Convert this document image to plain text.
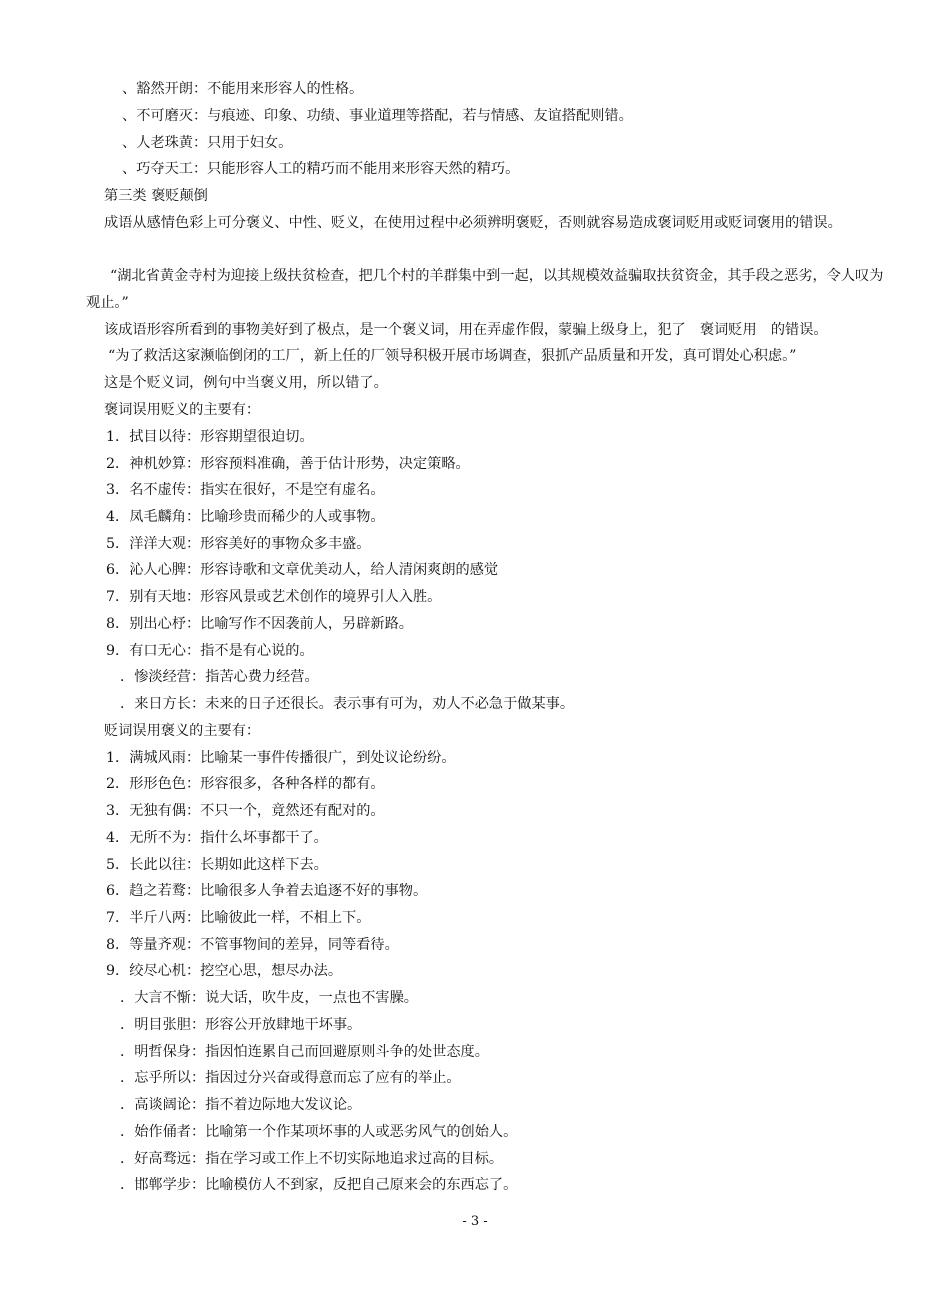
、豁然开朗：不能用来形容人的性格。
、不可磨灭：与痕迹、印象、功绩、事业道理等搭配，若与情感、友谊搭配则错。
、人老珠黄：只用于妇女。
、巧夺天工：只能形容人工的精巧而不能用来形容天然的精巧。
第三类 褒贬颠倒
成语从感情色彩上可分褒义、中性、贬义，在使用过程中必须辨明褒贬，否则就容易造成褒词贬用或贬词褒用的错误。
“湖北省黄金寺村为迎接上级扶贫检查，把几个村的羊群集中到一起，以其规模效益骗取扶贫资金，其手段之恶劣，令人叹为观止。”
该成语形容所看到的事物美好到了极点，是一个褒义词，用在弄虚作假，蒙骗上级身上，犯了　褒词贬用　的错误。
“为了救活这家濒临倒闭的工厂，新上任的厂领导积极开展市场调查，狠抓产品质量和开发，真可谓处心积虑。”
这是个贬义词，例句中当褒义用，所以错了。
褒词误用贬义的主要有：
1．拭目以待：形容期望很迫切。
2．神机妙算：形容预料准确，善于估计形势，决定策略。
3．名不虚传：指实在很好，不是空有虚名。
4．凤毛麟角：比喻珍贵而稀少的人或事物。
5．洋洋大观：形容美好的事物众多丰盛。
6．沁人心脾：形容诗歌和文章优美动人，给人清闲爽朗的感觉
7．别有天地：形容风景或艺术创作的境界引人入胜。
8．别出心杼：比喻写作不因袭前人，另辟新路。
9．有口无心：指不是有心说的。
．惨淡经营：指苦心费力经营。
．来日方长：未来的日子还很长。表示事有可为，劝人不必急于做某事。
贬词误用褒义的主要有：
1．满城风雨：比喻某一事件传播很广，到处议论纷纷。
2．形形色色：形容很多，各种各样的都有。
3．无独有偶：不只一个，竟然还有配对的。
4．无所不为：指什么坏事都干了。
5．长此以往：长期如此这样下去。
6．趋之若鹜：比喻很多人争着去追逐不好的事物。
7．半斤八两：比喻彼此一样，不相上下。
8．等量齐观：不管事物间的差异，同等看待。
9．绞尽心机：挖空心思，想尽办法。
．大言不惭：说大话，吹牛皮，一点也不害臊。
．明目张胆：形容公开放肆地干坏事。
．明哲保身：指因怕连累自己而回避原则斗争的处世态度。
．忘乎所以：指因过分兴奋或得意而忘了应有的举止。
．高谈阔论：指不着边际地大发议论。
．始作俑者：比喻第一个作某项坏事的人或恶劣风气的创始人。
．好高骛远：指在学习或工作上不切实际地追求过高的目标。
．邯郸学步：比喻模仿人不到家，反把自己原来会的东西忘了。
- 3 -
